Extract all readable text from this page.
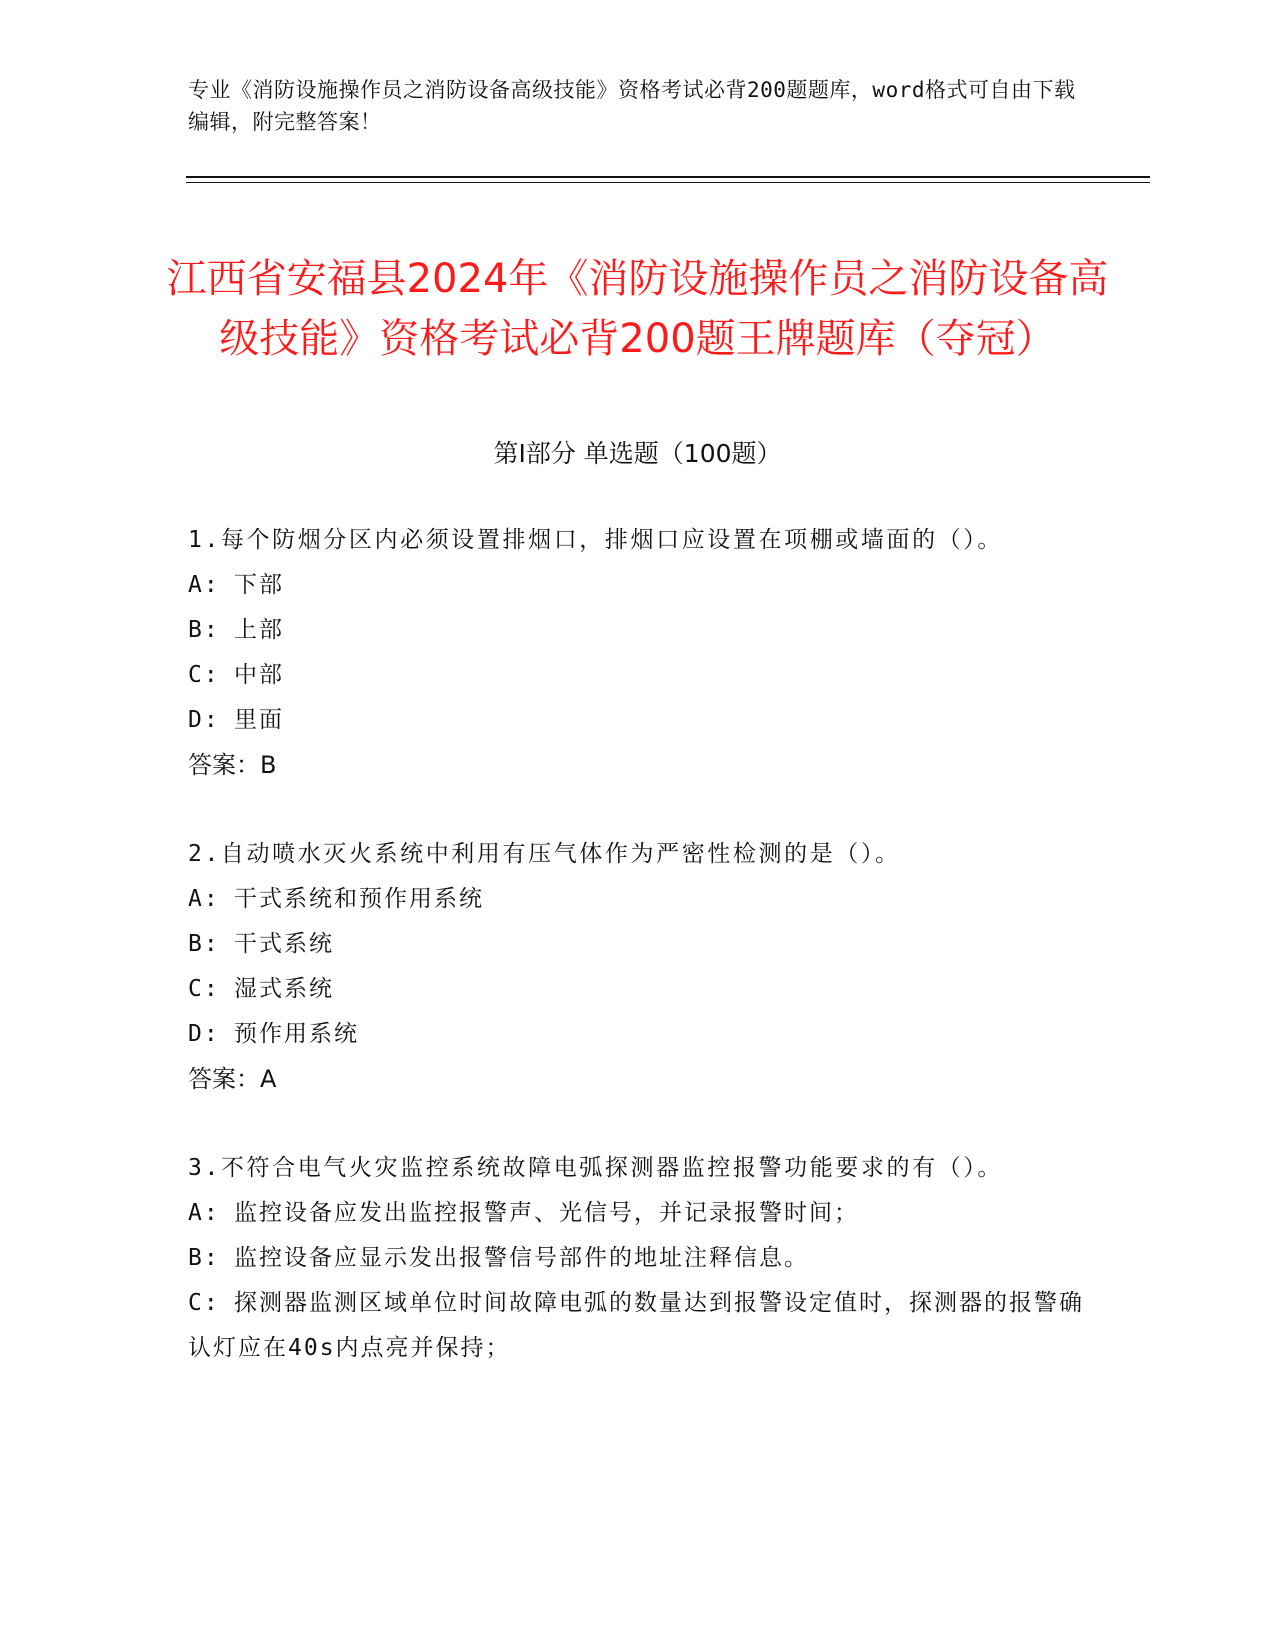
专业《消防设施操作员之消防设备高级技能》资格考试必背200题题库，word格式可自由下载编辑，附完整答案！
江西省安福县2024年《消防设施操作员之消防设备高级技能》资格考试必背200题王牌题库（夺冠）
第Ⅰ部分 单选题（100题）
1.每个防烟分区内必须设置排烟口，排烟口应设置在项棚或墙面的（）。
A: 下部
B: 上部
C: 中部
D: 里面
答案：B
2.自动喷水灭火系统中利用有压气体作为严密性检测的是（）。
A: 干式系统和预作用系统
B: 干式系统
C: 湿式系统
D: 预作用系统
答案：A
3.不符合电气火灾监控系统故障电弧探测器监控报警功能要求的有（）。
A: 监控设备应发出监控报警声、光信号，并记录报警时间；
B: 监控设备应显示发出报警信号部件的地址注释信息。
C: 探测器监测区域单位时间故障电弧的数量达到报警设定值时，探测器的报警确认灯应在40s内点亮并保持；
